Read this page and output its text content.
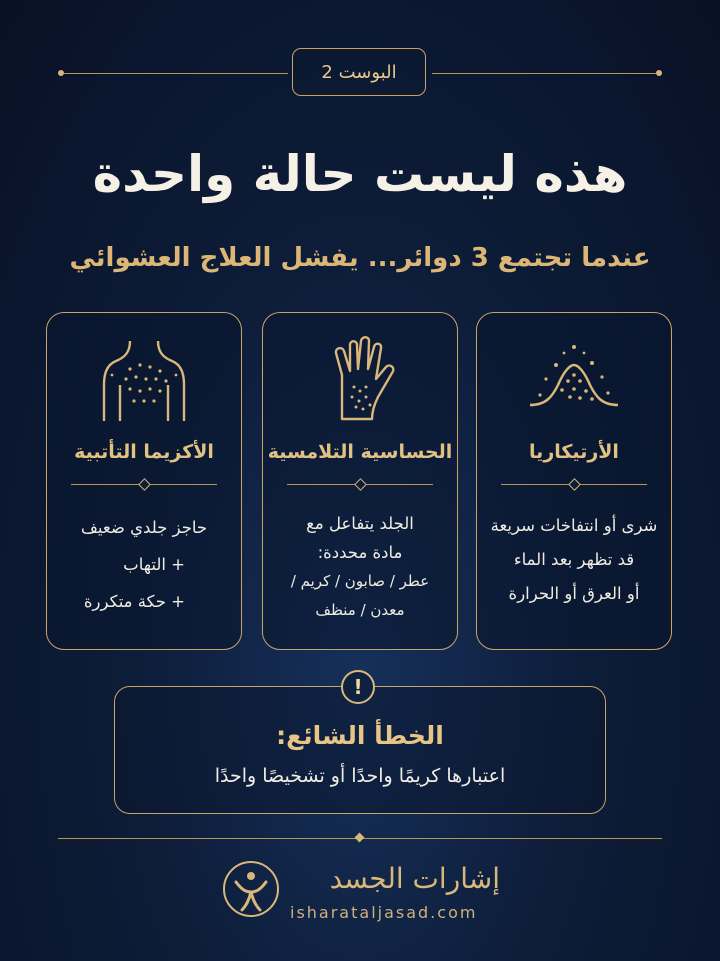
البوست 2
هذه ليست حالة واحدة
عندما تجتمع 3 دوائر... يفشل العلاج العشوائي
الأرتيكاريا
شرى أو انتفاخات سريعة
قد تظهر بعد الماء
أو العرق أو الحرارة
الحساسية التلامسية
الجلد يتفاعل مع
مادة محددة:
عطر / صابون / كريم /
معدن / منظف
الأكزيما التأتبية
حاجز جلدي ضعيف
+ التهاب
+ حكة متكررة
الخطأ الشائع:
اعتبارها كريمًا واحدًا أو تشخيصًا واحدًا
!
إشارات الجسد
isharataljasad.com
